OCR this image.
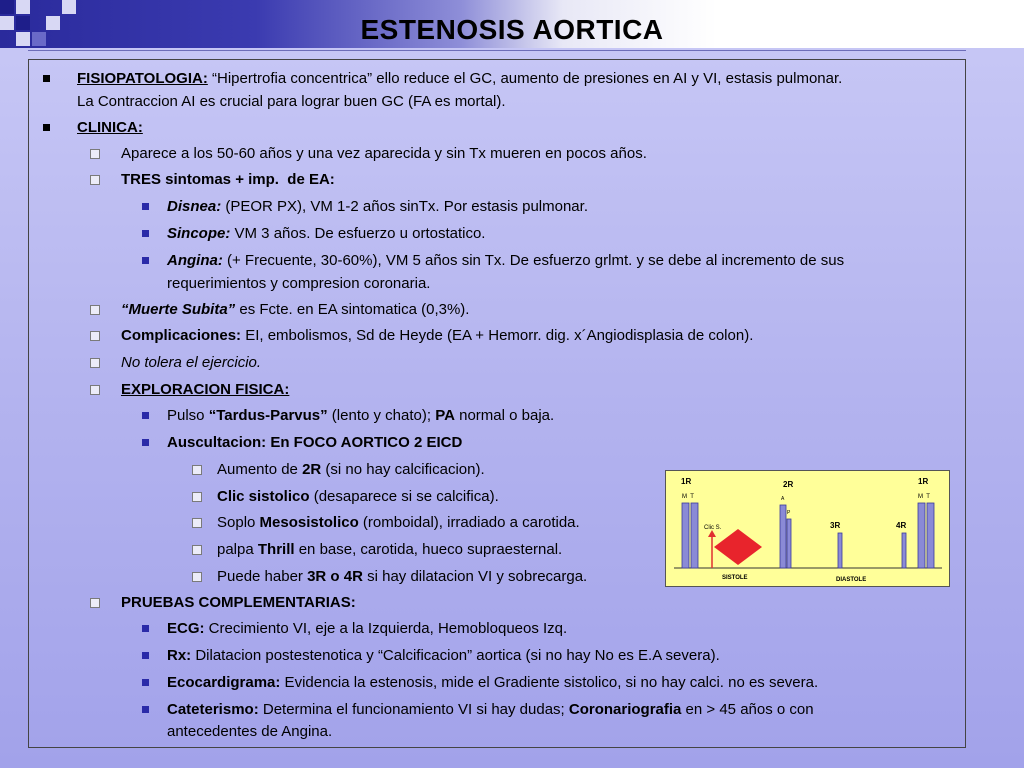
ESTENOSIS AORTICA
FISIOPATOLOGIA: “Hipertrofia concentrica” ello reduce el GC, aumento de presiones en AI y VI, estasis pulmonar.
La Contraccion AI es crucial para lograr buen GC (FA es mortal).
CLINICA:
Aparece a los 50-60 años y una vez aparecida y sin Tx mueren en pocos años.
TRES sintomas + imp.  de EA:
Disnea: (PEOR PX), VM 1-2 años sinTx. Por estasis pulmonar.
Sincope: VM 3 años. De esfuerzo u ortostatico.
Angina: (+ Frecuente, 30-60%), VM 5 años sin Tx. De esfuerzo grlmt. y se debe al incremento de sus
requerimientos y compresion coronaria.
“Muerte Subita” es Fcte. en EA sintomatica (0,3%).
Complicaciones: EI, embolismos, Sd de Heyde (EA + Hemorr. dig. x´Angiodisplasia de colon).
No tolera el ejercicio.
EXPLORACION FISICA:
Pulso “Tardus-Parvus” (lento y chato); PA normal o baja.
Auscultacion: En FOCO AORTICO 2 EICD
Aumento de 2R (si no hay calcificacion).
Clic sistolico (desaparece si se calcifica).
Soplo Mesosistolico (romboidal), irradiado a carotida.
palpa Thrill en base, carotida, hueco supraesternal.
Puede haber 3R o 4R si hay dilatacion VI y sobrecarga.
PRUEBAS COMPLEMENTARIAS:
ECG: Crecimiento VI, eje a la Izquierda, Hemobloqueos Izq.
Rx: Dilatacion postestenotica y “Calcificacion” aortica (si no hay No es E.A severa).
Ecocardigrama: Evidencia la estenosis, mide el Gradiente sistolico, si no hay calci. no es severa.
Cateterismo: Determina el funcionamiento VI si hay dudas; Coronariografia en > 45 años o con
antecedentes de Angina.
1R
M  T
Clic S.
2R
A
P
3R	4R
1R
M  T
SISTOLE	DIASTOLE
